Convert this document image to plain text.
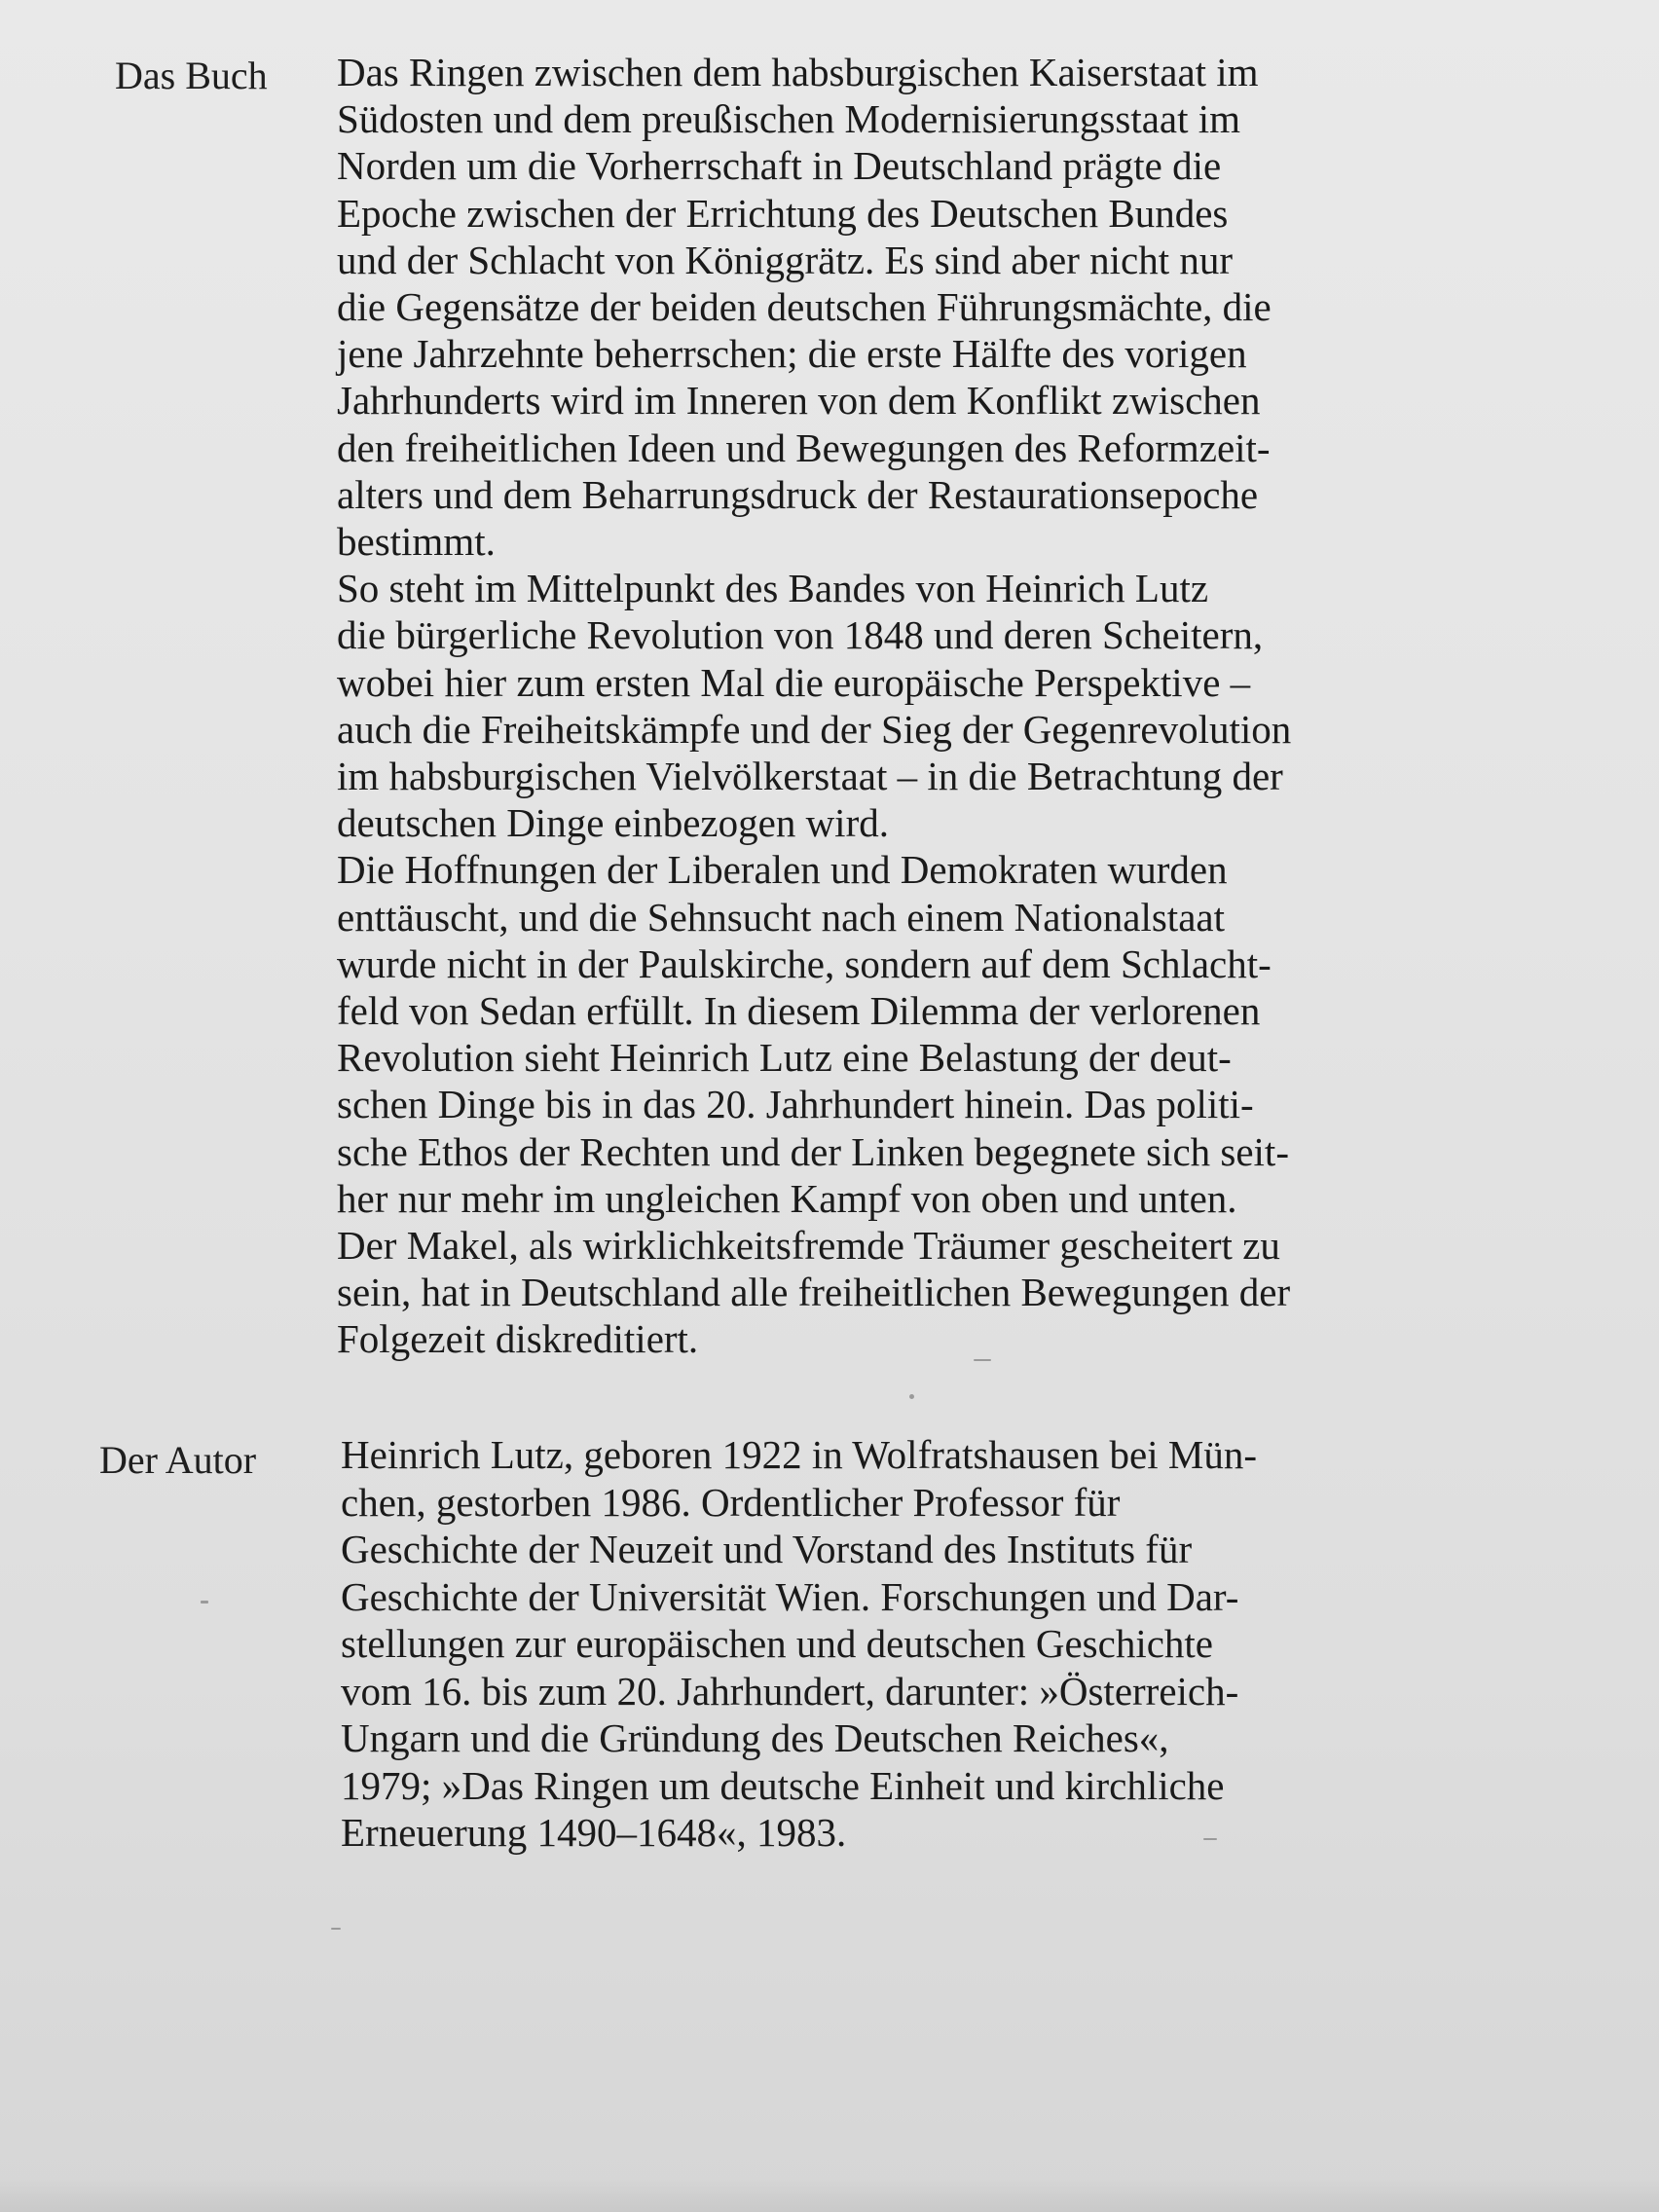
Das Buch Das Ringen zwischen dem habsburgischen Kaiserstaat im
Südosten und dem preußischen Modernisierungsstaat im
Norden um die Vorherrschaft in Deutschland prägte die
Epoche zwischen der Errichtung des Deutschen Bundes
und der Schlacht von Königgrätz. Es sind aber nicht nur
die Gegensätze der beiden deutschen Führungsmächte, die
jene Jahrzehnte beherrschen; die erste Hälfte des vorigen
Jahrhunderts wird im Inneren von dem Konflikt zwischen
den freiheitlichen Ideen und Bewegungen des Reformzeit-
alters und dem Beharrungsdruck der Restaurationsepoche
bestimmt.
So steht im Mittelpunkt des Bandes von Heinrich Lutz
die bürgerliche Revolution von 1848 und deren Scheitern,
wobei hier zum ersten Mal die europäische Perspektive –
auch die Freiheitskämpfe und der Sieg der Gegenrevolution
im habsburgischen Vielvölkerstaat – in die Betrachtung der
deutschen Dinge einbezogen wird.
Die Hoffnungen der Liberalen und Demokraten wurden
enttäuscht, und die Sehnsucht nach einem Nationalstaat
wurde nicht in der Paulskirche, sondern auf dem Schlacht-
feld von Sedan erfüllt. In diesem Dilemma der verlorenen
Revolution sieht Heinrich Lutz eine Belastung der deut-
schen Dinge bis in das 20. Jahrhundert hinein. Das politi-
sche Ethos der Rechten und der Linken begegnete sich seit-
her nur mehr im ungleichen Kampf von oben und unten.
Der Makel, als wirklichkeitsfremde Träumer gescheitert zu
sein, hat in Deutschland alle freiheitlichen Bewegungen der
Folgezeit diskreditiert.
Der Autor Heinrich Lutz, geboren 1922 in Wolfratshausen bei Mün-
chen, gestorben 1986. Ordentlicher Professor für
Geschichte der Neuzeit und Vorstand des Instituts für
Geschichte der Universität Wien. Forschungen und Dar-
stellungen zur europäischen und deutschen Geschichte
vom 16. bis zum 20. Jahrhundert, darunter: »Österreich-
Ungarn und die Gründung des Deutschen Reiches«,
1979; »Das Ringen um deutsche Einheit und kirchliche
Erneuerung 1490–1648«, 1983.
